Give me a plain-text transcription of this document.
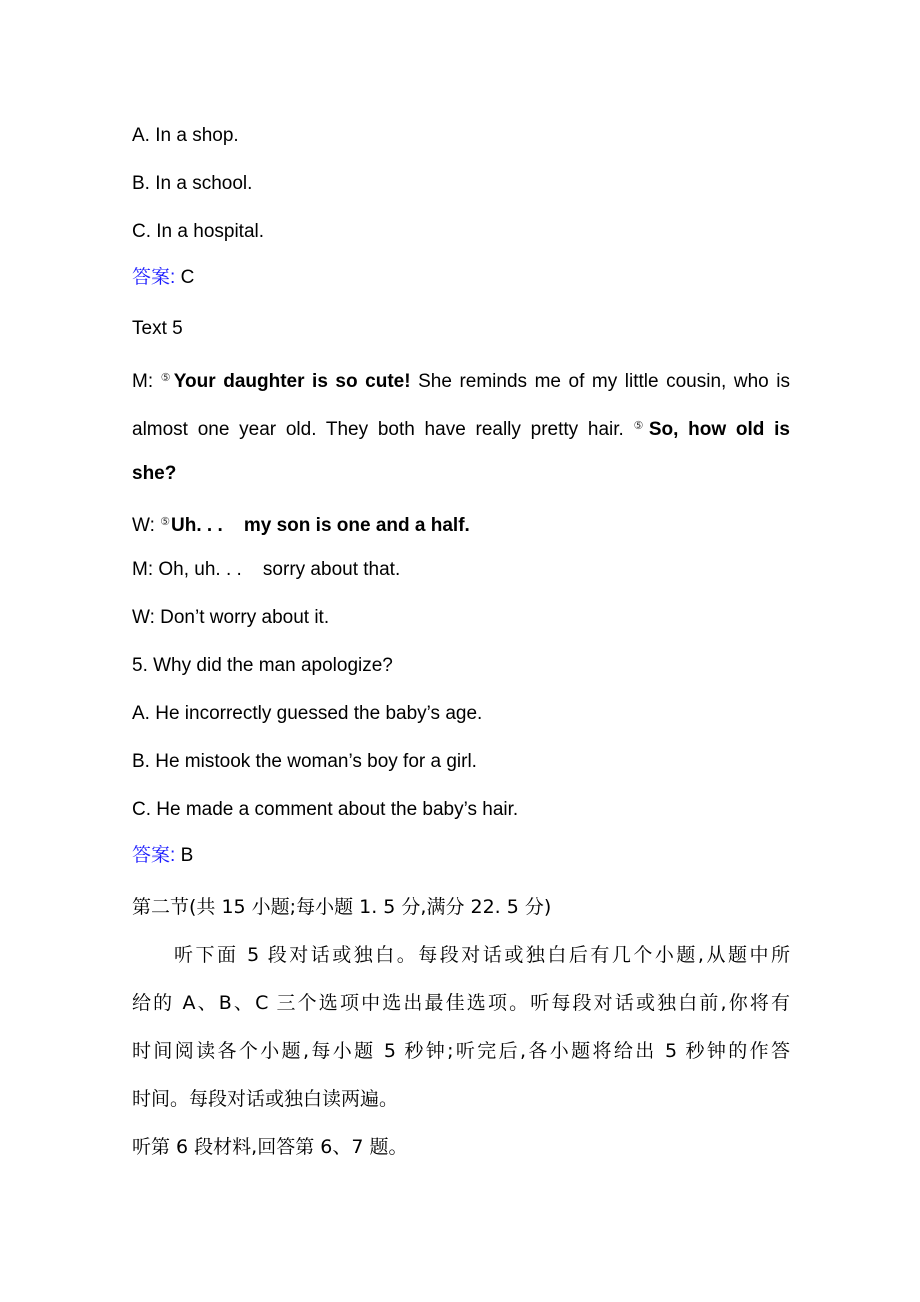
A. In a shop.
B. In a school.
C. In a hospital.
答案: C
Text 5
M: ⑤Your daughter is so cute! She reminds me of my little cousin, who is
almost one year old. They both have really pretty hair. ⑤So, how old is
she?
W: ⑤Uh. . .    my son is one and a half.
M: Oh, uh. . .    sorry about that.
W: Don’t worry about it.
5. Why did the man apologize?
A. He incorrectly guessed the baby’s age.
B. He mistook the woman’s boy for a girl.
C. He made a comment about the baby’s hair.
答案: B
第二节(共 15 小题;每小题 1. 5 分,满分 22. 5 分)
听下面 5 段对话或独白。每段对话或独白后有几个小题,从题中所
给的 A、B、C 三个选项中选出最佳选项。听每段对话或独白前,你将有
时间阅读各个小题,每小题 5 秒钟;听完后,各小题将给出 5 秒钟的作答
时间。每段对话或独白读两遍。
听第 6 段材料,回答第 6、7 题。
